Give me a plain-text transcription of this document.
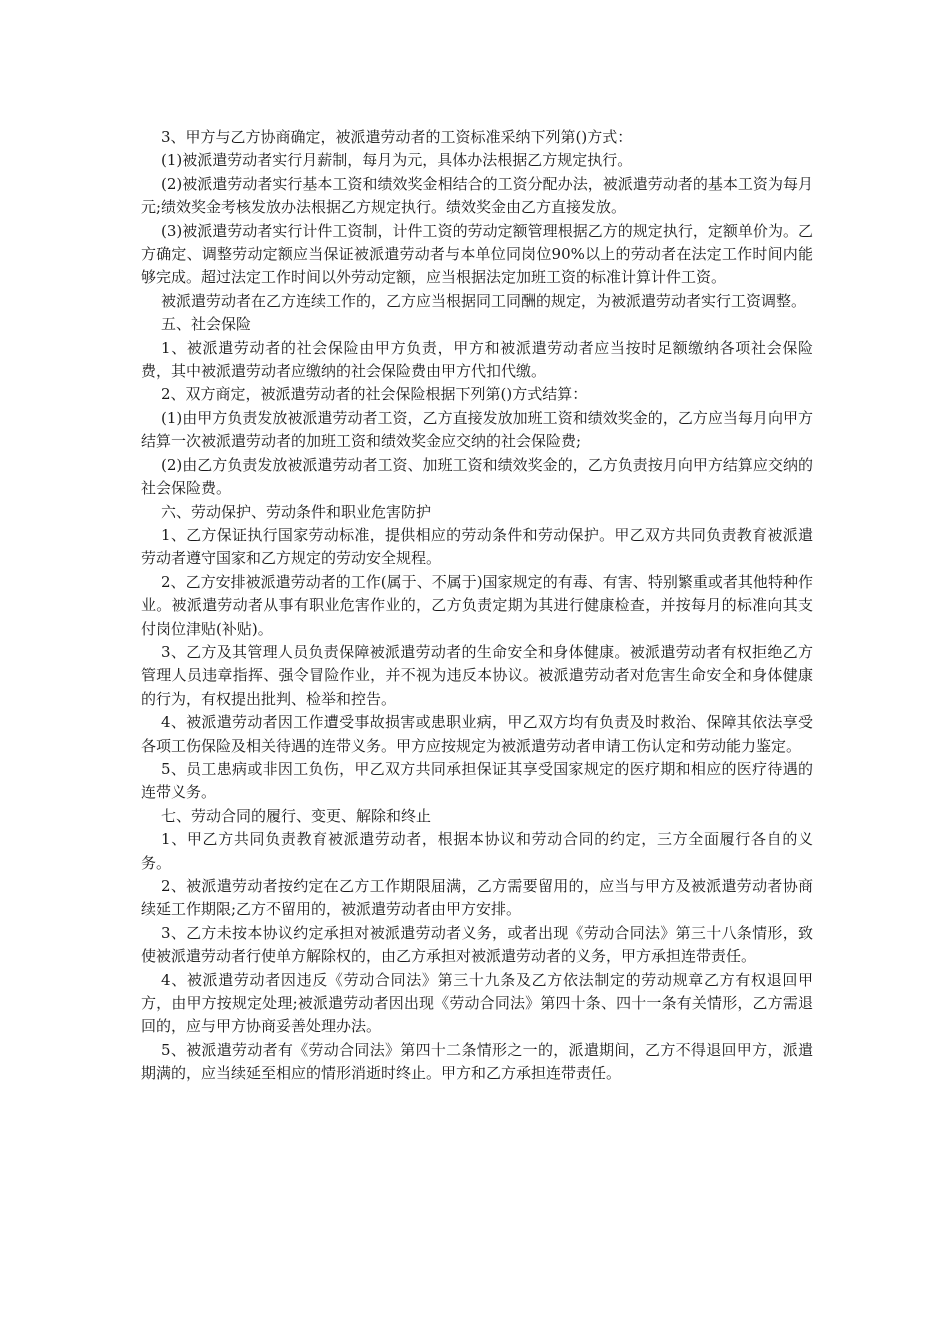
3、甲方与乙方协商确定，被派遣劳动者的工资标准采纳下列第()方式：

(1)被派遣劳动者实行月薪制，每月为元，具体办法根据乙方规定执行。

(2)被派遣劳动者实行基本工资和绩效奖金相结合的工资分配办法，被派遣劳动者的基本工资为每月元;绩效奖金考核发放办法根据乙方规定执行。绩效奖金由乙方直接发放。

(3)被派遣劳动者实行计件工资制，计件工资的劳动定额管理根据乙方的规定执行，定额单价为。乙方确定、调整劳动定额应当保证被派遣劳动者与本单位同岗位90%以上的劳动者在法定工作时间内能够完成。超过法定工作时间以外劳动定额，应当根据法定加班工资的标准计算计件工资。

被派遣劳动者在乙方连续工作的，乙方应当根据同工同酬的规定，为被派遣劳动者实行工资调整。

五、社会保险

1、被派遣劳动者的社会保险由甲方负责，甲方和被派遣劳动者应当按时足额缴纳各项社会保险费，其中被派遣劳动者应缴纳的社会保险费由甲方代扣代缴。

2、双方商定，被派遣劳动者的社会保险根据下列第()方式结算：

(1)由甲方负责发放被派遣劳动者工资，乙方直接发放加班工资和绩效奖金的，乙方应当每月向甲方结算一次被派遣劳动者的加班工资和绩效奖金应交纳的社会保险费;

(2)由乙方负责发放被派遣劳动者工资、加班工资和绩效奖金的，乙方负责按月向甲方结算应交纳的社会保险费。

六、劳动保护、劳动条件和职业危害防护

1、乙方保证执行国家劳动标准，提供相应的劳动条件和劳动保护。甲乙双方共同负责教育被派遣劳动者遵守国家和乙方规定的劳动安全规程。

2、乙方安排被派遣劳动者的工作(属于、不属于)国家规定的有毒、有害、特别繁重或者其他特种作业。被派遣劳动者从事有职业危害作业的，乙方负责定期为其进行健康检查，并按每月的标准向其支付岗位津贴(补贴)。

3、乙方及其管理人员负责保障被派遣劳动者的生命安全和身体健康。被派遣劳动者有权拒绝乙方管理人员违章指挥、强令冒险作业，并不视为违反本协议。被派遣劳动者对危害生命安全和身体健康的行为，有权提出批判、检举和控告。

4、被派遣劳动者因工作遭受事故损害或患职业病，甲乙双方均有负责及时救治、保障其依法享受各项工伤保险及相关待遇的连带义务。甲方应按规定为被派遣劳动者申请工伤认定和劳动能力鉴定。

5、员工患病或非因工负伤，甲乙双方共同承担保证其享受国家规定的医疗期和相应的医疗待遇的连带义务。

七、劳动合同的履行、变更、解除和终止

1、甲乙方共同负责教育被派遣劳动者，根据本协议和劳动合同的约定，三方全面履行各自的义务。

2、被派遣劳动者按约定在乙方工作期限届满，乙方需要留用的，应当与甲方及被派遣劳动者协商续延工作期限;乙方不留用的，被派遣劳动者由甲方安排。

3、乙方未按本协议约定承担对被派遣劳动者义务，或者出现《劳动合同法》第三十八条情形，致使被派遣劳动者行使单方解除权的，由乙方承担对被派遣劳动者的义务，甲方承担连带责任。

4、被派遣劳动者因违反《劳动合同法》第三十九条及乙方依法制定的劳动规章乙方有权退回甲方，由甲方按规定处理;被派遣劳动者因出现《劳动合同法》第四十条、四十一条有关情形，乙方需退回的，应与甲方协商妥善处理办法。

5、被派遣劳动者有《劳动合同法》第四十二条情形之一的，派遣期间，乙方不得退回甲方，派遣期满的，应当续延至相应的情形消逝时终止。甲方和乙方承担连带责任。
